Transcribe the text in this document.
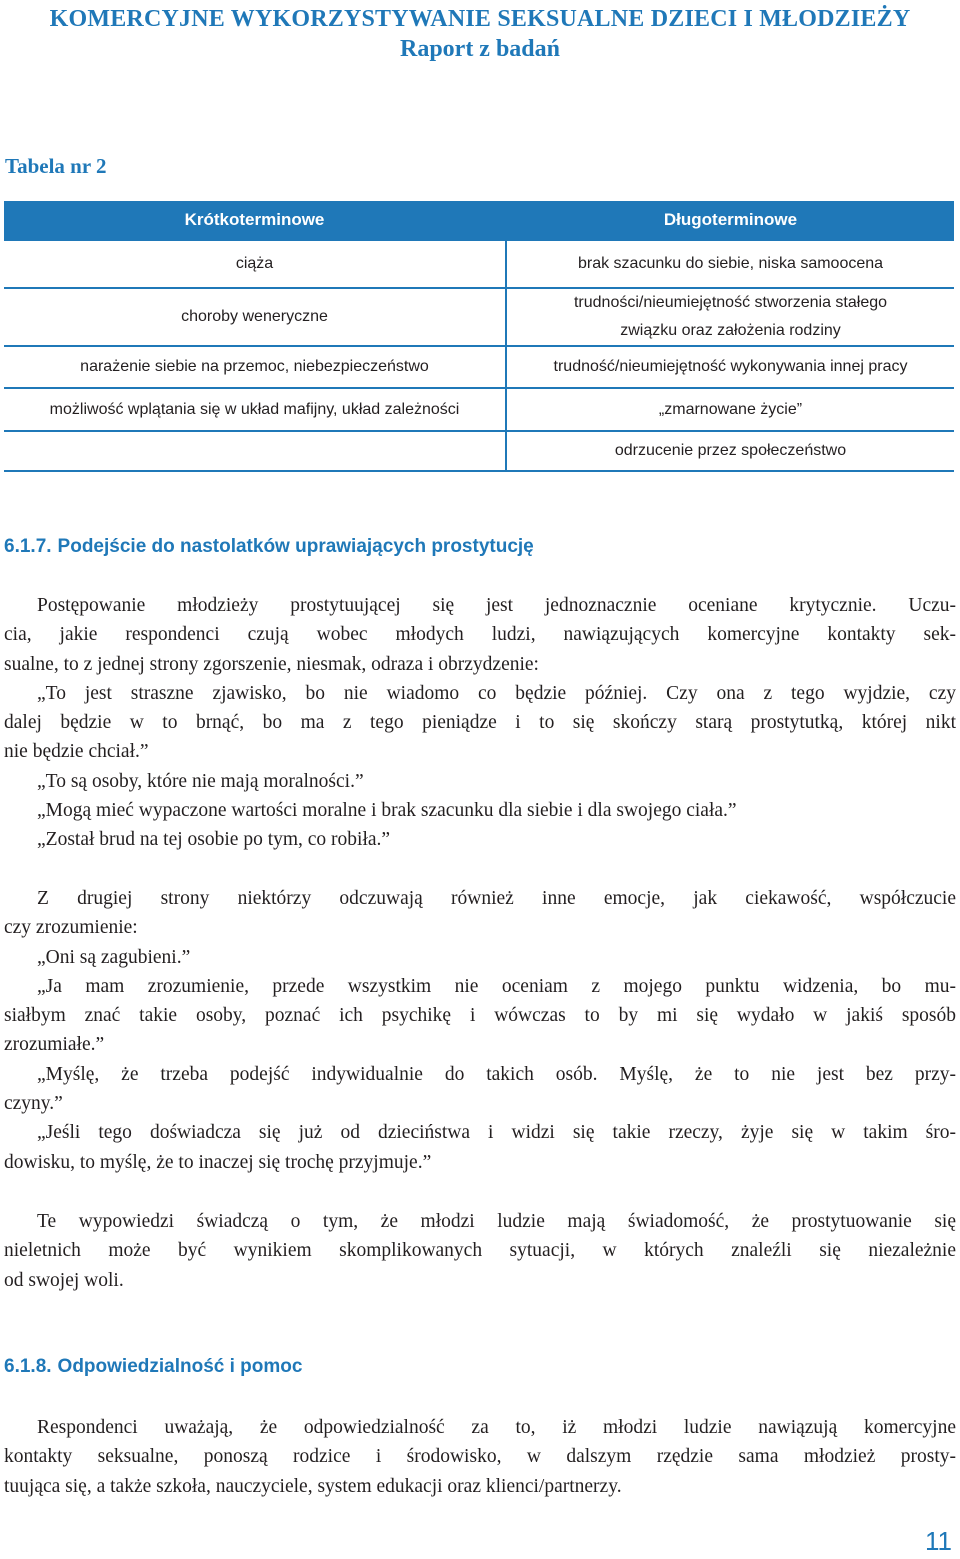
KOMERCYJNE WYKORZYSTYWANIE SEKSUALNE DZIECI I MŁODZIEŻY
Raport z badań
Tabela nr 2
Krótkoterminowe
ciąża
choroby weneryczne
narażenie siebie na przemoc, niebezpieczeństwo
możliwość wplątania się w układ mafijny, układ zależności
Długoterminowe
brak szacunku do siebie, niska samoocena
trudności/nieumiejętność stworzenia stałego
związku oraz założenia rodziny
trudność/nieumiejętność wykonywania innej pracy
„zmarnowane życie”
odrzucenie przez społeczeństwo
6.1.7. Podejście do nastolatków uprawiających prostytucję
Postępowanie młodzieży prostytuującej się jest jednoznacznie oceniane krytycznie. Uczu-
cia, jakie respondenci czują wobec młodych ludzi, nawiązujących komercyjne kontakty sek-
sualne, to z jednej strony zgorszenie, niesmak, odraza i obrzydzenie:
„To jest straszne zjawisko, bo nie wiadomo co będzie później. Czy ona z tego wyjdzie, czy
dalej będzie w to brnąć, bo ma z tego pieniądze i to się skończy starą prostytutką, której nikt
nie będzie chciał.”
„To są osoby, które nie mają moralności.”
„Mogą mieć wypaczone wartości moralne i brak szacunku dla siebie i dla swojego ciała.”
„Został brud na tej osobie po tym, co robiła.”
Z drugiej strony niektórzy odczuwają również inne emocje, jak ciekawość, współczucie
czy zrozumienie:
„Oni są zagubieni.”
„Ja mam zrozumienie, przede wszystkim nie oceniam z mojego punktu widzenia, bo mu-
siałbym znać takie osoby, poznać ich psychikę i wówczas to by mi się wydało w jakiś sposób
zrozumiałe.”
„Myślę, że trzeba podejść indywidualnie do takich osób. Myślę, że to nie jest bez przy-
czyny.”
„Jeśli tego doświadcza się już od dzieciństwa i widzi się takie rzeczy, żyje się w takim śro-
dowisku, to myślę, że to inaczej się trochę przyjmuje.”
Te wypowiedzi świadczą o tym, że młodzi ludzie mają świadomość, że prostytuowanie się
nieletnich może być wynikiem skomplikowanych sytuacji, w których znaleźli się niezależnie
od swojej woli.
6.1.8. Odpowiedzialność i pomoc
Respondenci uważają, że odpowiedzialność za to, iż młodzi ludzie nawiązują komercyjne
kontakty seksualne, ponoszą rodzice i środowisko, w dalszym rzędzie sama młodzież prosty-
tuująca się, a także szkoła, nauczyciele, system edukacji oraz klienci/partnerzy.
11
